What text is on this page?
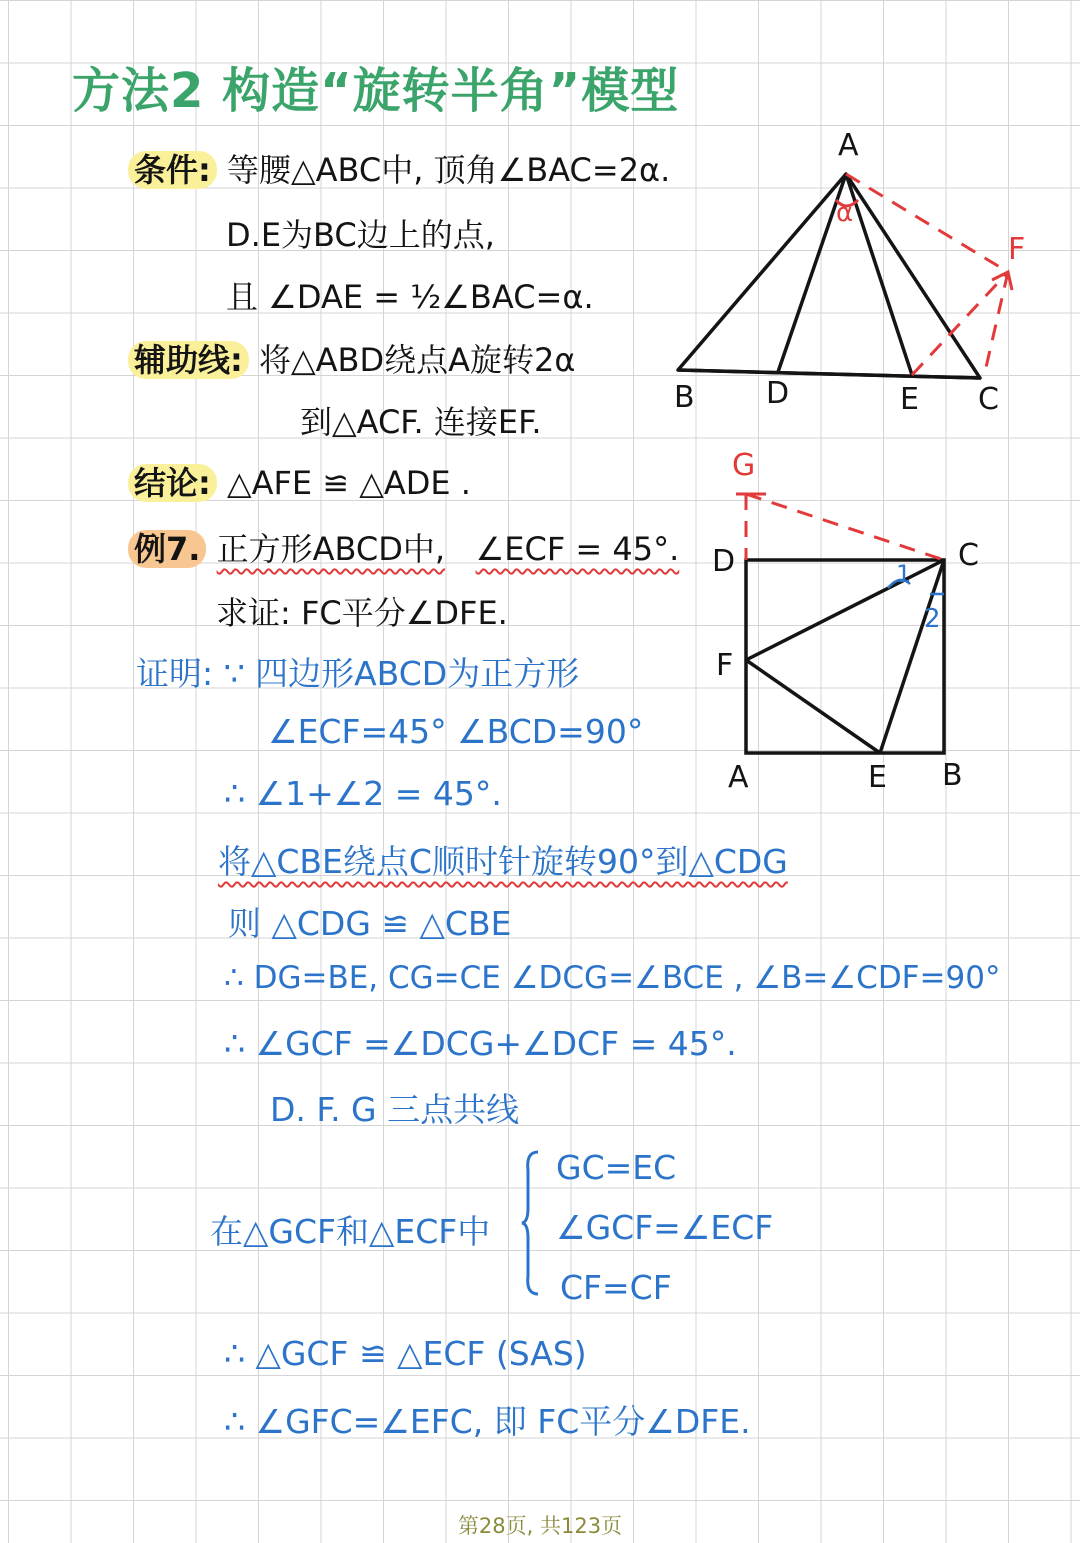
方法2 构造“旋转半角”模型
条件: 等腰△ABC中, 顶角∠BAC=2α.
D.E为BC边上的点,
且 ∠DAE = ½∠BAC=α.
辅助线: 将△ABD绕点A旋转2α
到△ACF. 连接EF.
结论: △AFE ≌ △ADE .
例7. 正方形ABCD中, ∠ECF = 45°.
求证: FC平分∠DFE.
证明: ∵ 四边形ABCD为正方形
∠ECF=45° ∠BCD=90°
∴ ∠1+∠2 = 45°.
将△CBE绕点C顺时针旋转90°到△CDG
则 △CDG ≌ △CBE
∴ DG=BE, CG=CE ∠DCG=∠BCE , ∠B=∠CDF=90°
∴ ∠GCF =∠DCG+∠DCF = 45°.
D. F. G 三点共线
在△GCF和△ECF中
GC=EC
∠GCF=∠ECF
CF=CF
∴ △GCF ≌ △ECF (SAS)
∴ ∠GFC=∠EFC, 即 FC平分∠DFE.
A
B D	E C
F
α
G
D	C
F
A	E B
1
2
第28页, 共123页
